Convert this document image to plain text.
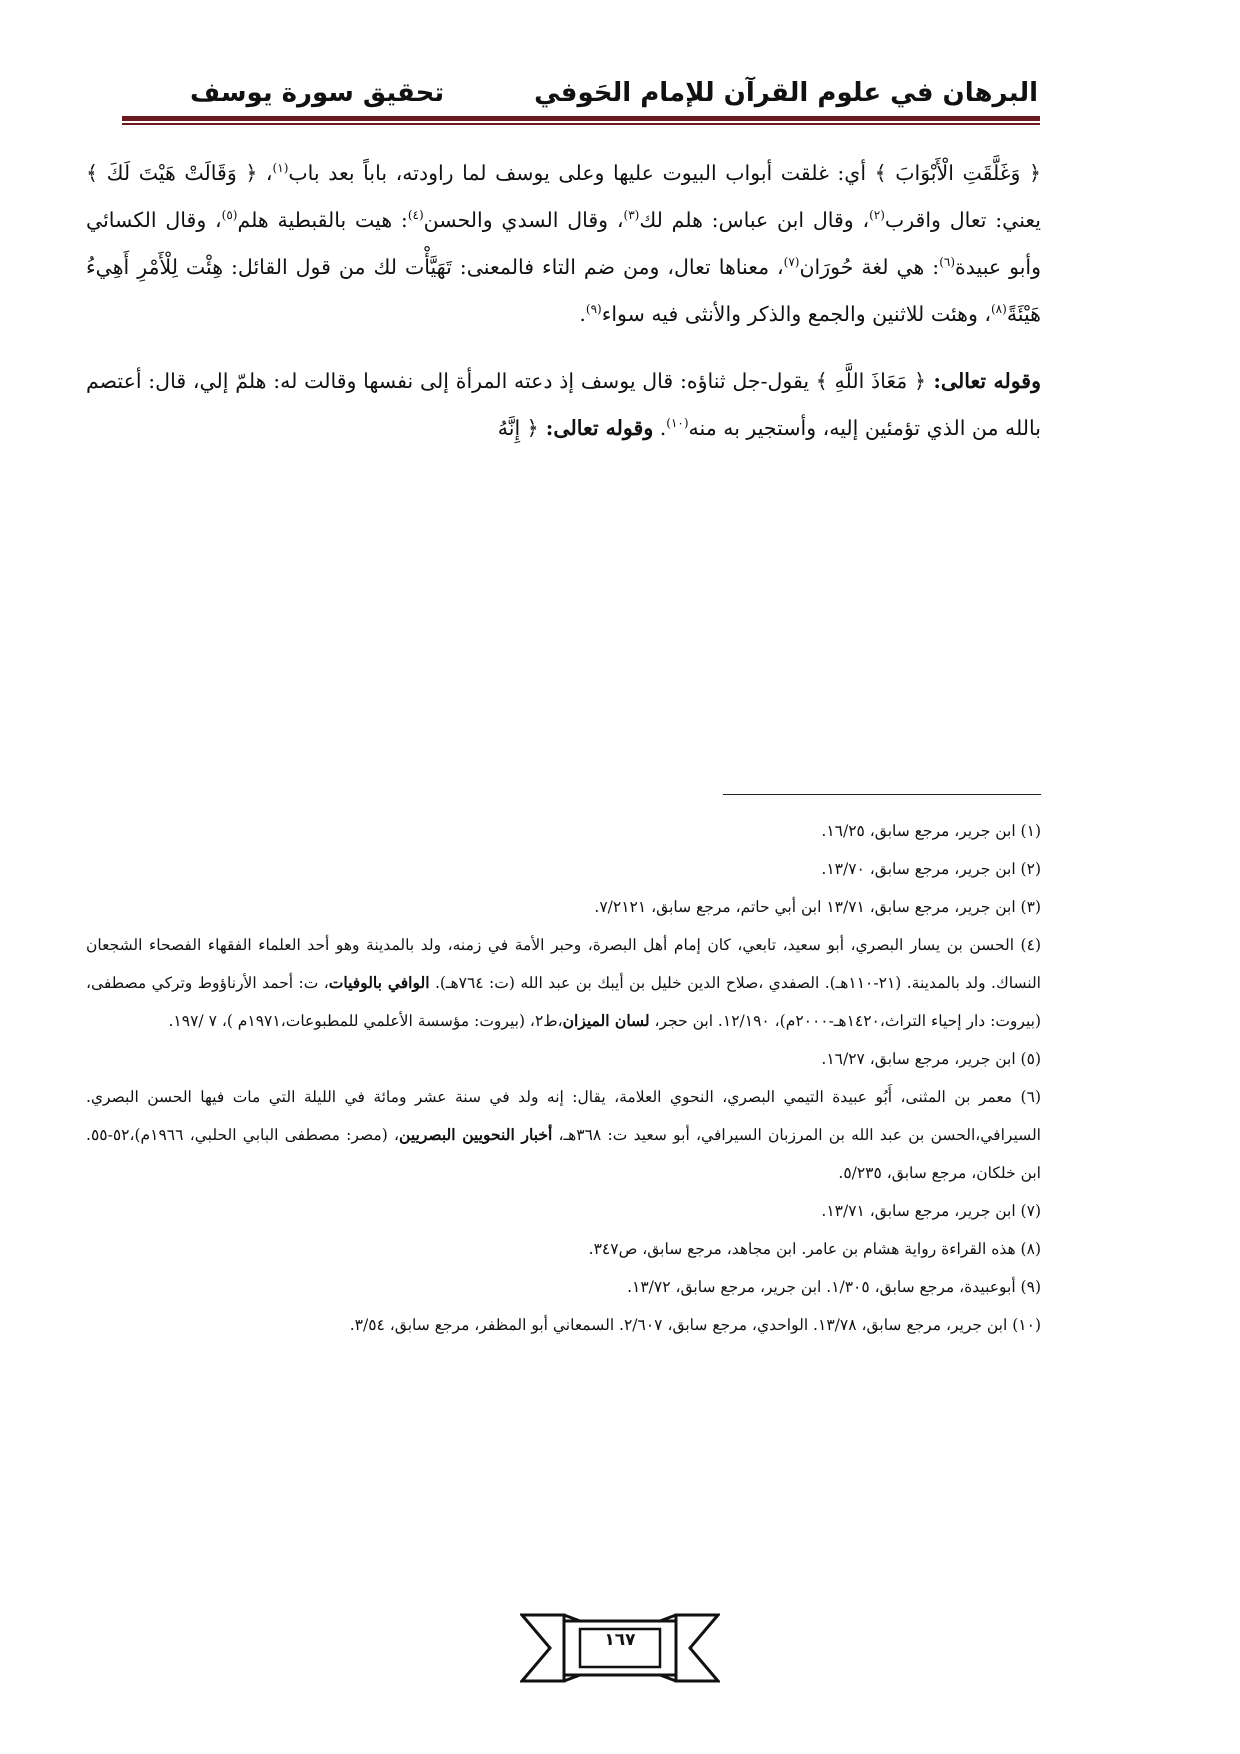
البرهان في علوم القرآن للإمام الحَوفي
تحقيق سورة يوسف

﴿ وَغَلَّقَتِ الْأَبْوَابَ ﴾ أي: غلقت أبواب البيوت عليها وعلى يوسف لما راودته، باباً بعد باب$^{(١)}$، ﴿ وَقَالَتْ هَيْتَ لَكَ ﴾ يعني: تعال واقرب$^{(٢)}$، وقال ابن عباس: هلم لك$^{(٣)}$، وقال السدي والحسن$^{(٤)}$: هيت بالقبطية هلم$^{(٥)}$، وقال الكسائي وأبو عبيدة$^{(٦)}$: هي لغة حُورَان$^{(٧)}$، معناها تعال، ومن ضم التاء فالمعنى: تَهَيَّأْت لك من قول القائل: هِئْت لِلْأَمْرِ أَهِيءُ هَيْئَةً$^{(٨)}$، وهئت للاثنين والجمع والذكر والأنثى فيه سواء$^{(٩)}$.

وقوله تعالى: ﴿ مَعَاذَ اللَّهِ ﴾ يقول-جل ثناؤه: قال يوسف إذ دعته المرأة إلى نفسها وقالت له: هلمّ إلي، قال: أعتصم بالله من الذي تؤمئين إليه، وأستجير به منه$^{(١٠)}$. وقوله تعالى: ﴿ إِنَّهُ

(١) ابن جرير، مرجع سابق، ١٦/٢٥.

(٢) ابن جرير، مرجع سابق، ١٣/٧٠.

(٣) ابن جرير، مرجع سابق، ١٣/٧١ ابن أبي حاتم، مرجع سابق، ٧/٢١٢١.

(٤) الحسن بن يسار البصري، أبو سعيد، تابعي، كان إمام أهل البصرة، وحبر الأمة في زمنه، ولد بالمدينة وهو أحد العلماء الفقهاء الفصحاء الشجعان النساك. ولد بالمدينة. (٢١-١١٠هـ). الصفدي ،صلاح الدين خليل بن أيبك بن عبد الله (ت: ٧٦٤هـ). الوافي بالوفيات، ت: أحمد الأرناؤوط وتركي مصطفى،(بيروت: دار إحياء التراث،١٤٢٠هـ-٢٠٠٠م)، ١٢/١٩٠. ابن حجر، لسان الميزان،ط٢، (بيروت: مؤسسة الأعلمي للمطبوعات،١٩٧١م )، ٧ /١٩٧.

(٥) ابن جرير، مرجع سابق، ١٦/٢٧.

(٦) معمر بن المثنى، أَبُو عبيدة التيمي البصري، النحوي العلامة، يقال: إنه ولد في سنة عشر ومائة في الليلة التي مات فيها الحسن البصري. السيرافي،الحسن بن عبد الله بن المرزبان السيرافي، أبو سعيد ت: ٣٦٨هـ، أخبار النحويين البصريين، (مصر: مصطفى البابي الحلبي، ١٩٦٦م)،٥٢-٥٥. ابن خلكان، مرجع سابق، ٥/٢٣٥.

(٧) ابن جرير، مرجع سابق، ١٣/٧١.

(٨) هذه القراءة رواية هشام بن عامر. ابن مجاهد، مرجع سابق، ص٣٤٧.

(٩) أبوعبيدة، مرجع سابق، ١/٣٠٥. ابن جرير، مرجع سابق، ١٣/٧٢.

(١٠) ابن جرير، مرجع سابق، ١٣/٧٨. الواحدي، مرجع سابق، ٢/٦٠٧. السمعاني أبو المظفر، مرجع سابق، ٣/٥٤.

١٦٧
